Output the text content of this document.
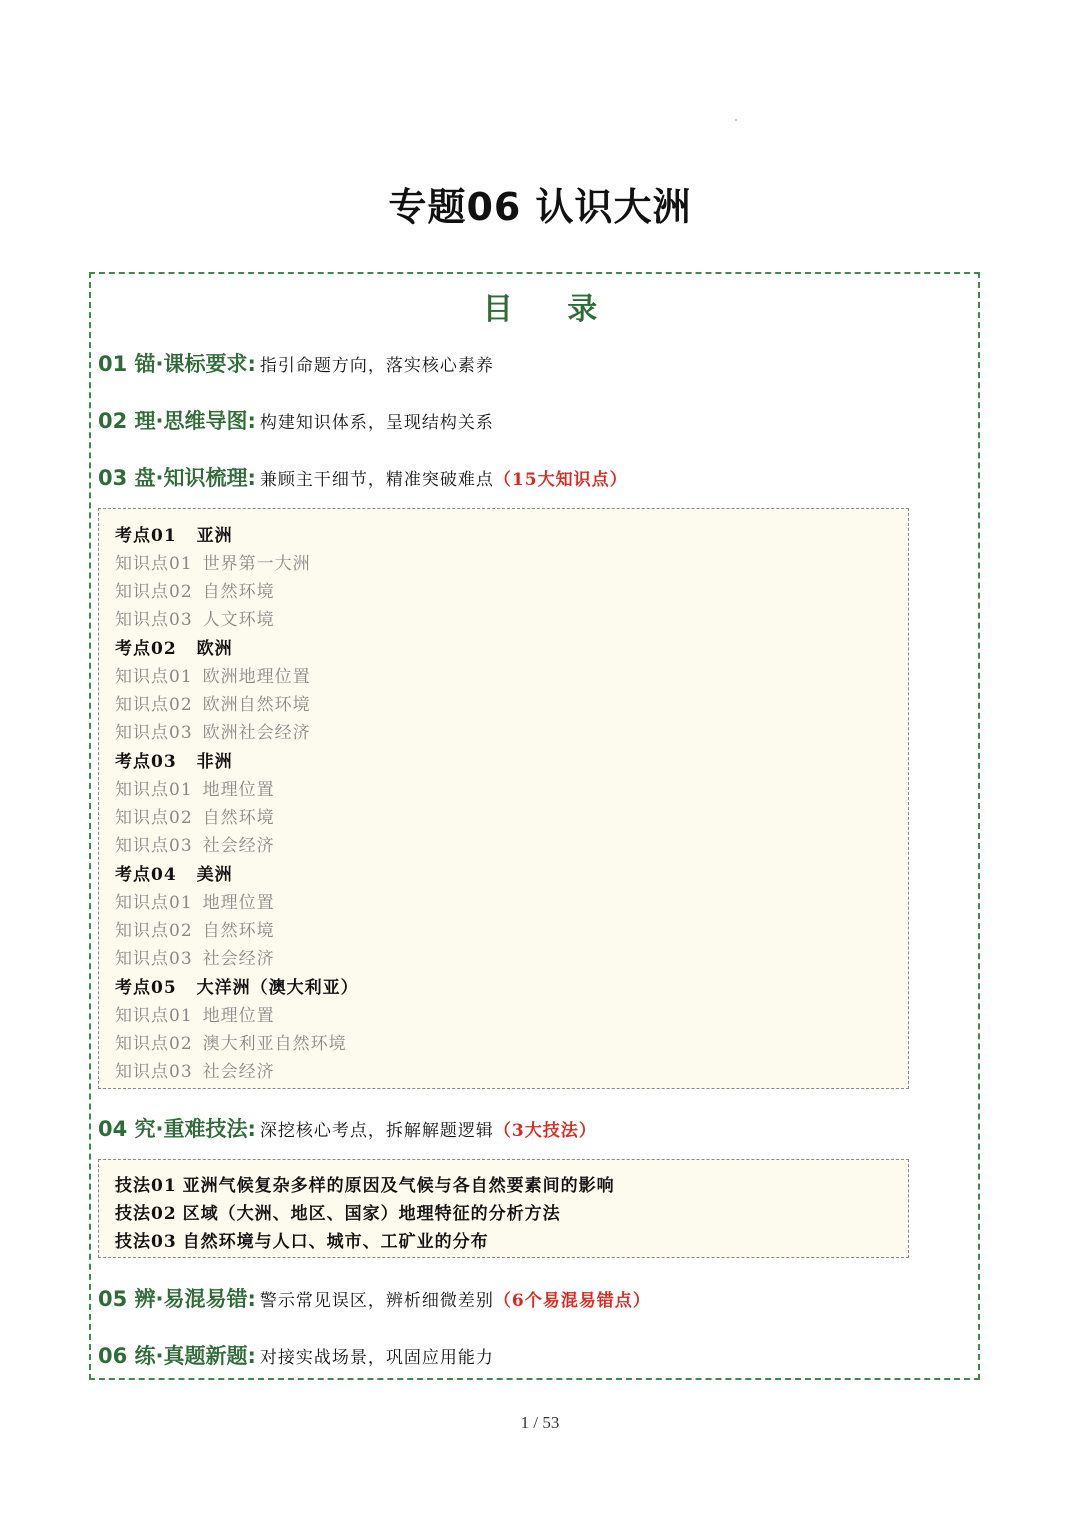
专题06 认识大洲
目 录
01 锚·课标要求: 指引命题方向，落实核心素养
02 理·思维导图: 构建知识体系，呈现结构关系
03 盘·知识梳理: 兼顾主干细节，精准突破难点 （15大知识点）
考点01 亚洲
知识点01 世界第一大洲
知识点02 自然环境
知识点03 人文环境
考点02 欧洲
知识点01 欧洲地理位置
知识点02 欧洲自然环境
知识点03 欧洲社会经济
考点03 非洲
知识点01 地理位置
知识点02 自然环境
知识点03 社会经济
考点04 美洲
知识点01 地理位置
知识点02 自然环境
知识点03 社会经济
考点05 大洋洲（澳大利亚）
知识点01 地理位置
知识点02 澳大利亚自然环境
知识点03 社会经济
04 究·重难技法: 深挖核心考点，拆解解题逻辑 （3大技法）
技法01 亚洲气候复杂多样的原因及气候与各自然要素间的影响
技法02 区域（大洲、地区、国家）地理特征的分析方法
技法03 自然环境与人口、城市、工矿业的分布
05 辨·易混易错: 警示常见误区，辨析细微差别 （6个易混易错点）
06 练·真题新题: 对接实战场景，巩固应用能力
1 / 53
